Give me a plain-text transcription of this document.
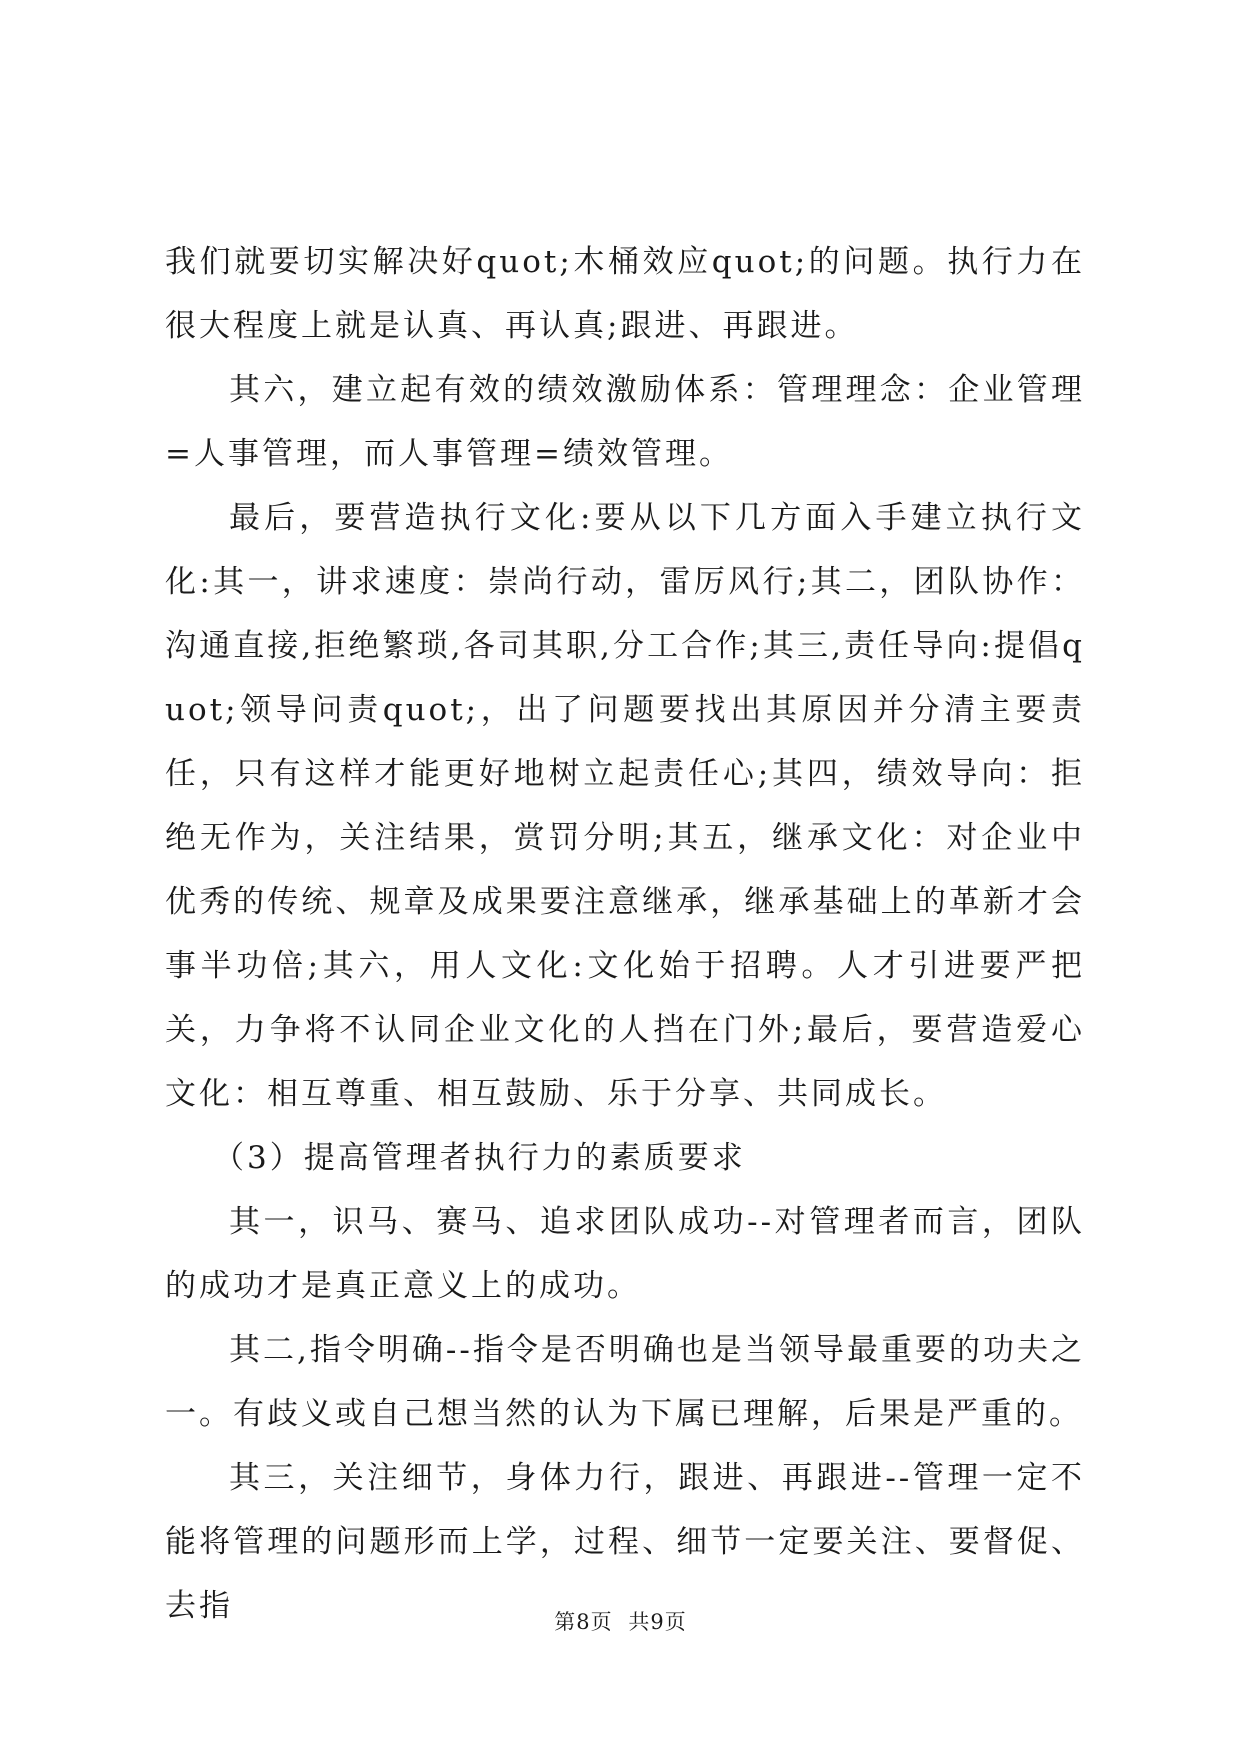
我们就要切实解决好quot;木桶效应quot;的问题。执行力在很大程度上就是认真、再认真;跟进、再跟进。

其六，建立起有效的绩效激励体系：管理理念：企业管理=人事管理，而人事管理=绩效管理。

最后，要营造执行文化:要从以下几方面入手建立执行文化:其一，讲求速度：崇尚行动，雷厉风行;其二，团队协作：沟通直接,拒绝繁琐,各司其职,分工合作;其三,责任导向:提倡quot;领导问责quot;，出了问题要找出其原因并分清主要责任，只有这样才能更好地树立起责任心;其四，绩效导向：拒绝无作为，关注结果，赏罚分明;其五，继承文化：对企业中优秀的传统、规章及成果要注意继承，继承基础上的革新才会事半功倍;其六，用人文化:文化始于招聘。人才引进要严把关，力争将不认同企业文化的人挡在门外;最后，要营造爱心文化：相互尊重、相互鼓励、乐于分享、共同成长。

（3）提高管理者执行力的素质要求

其一，识马、赛马、追求团队成功--对管理者而言，团队的成功才是真正意义上的成功。

其二,指令明确--指令是否明确也是当领导最重要的功夫之一。有歧义或自己想当然的认为下属已理解，后果是严重的。

其三，关注细节，身体力行，跟进、再跟进--管理一定不能将管理的问题形而上学，过程、细节一定要关注、要督促、去指	第8页 共9页
